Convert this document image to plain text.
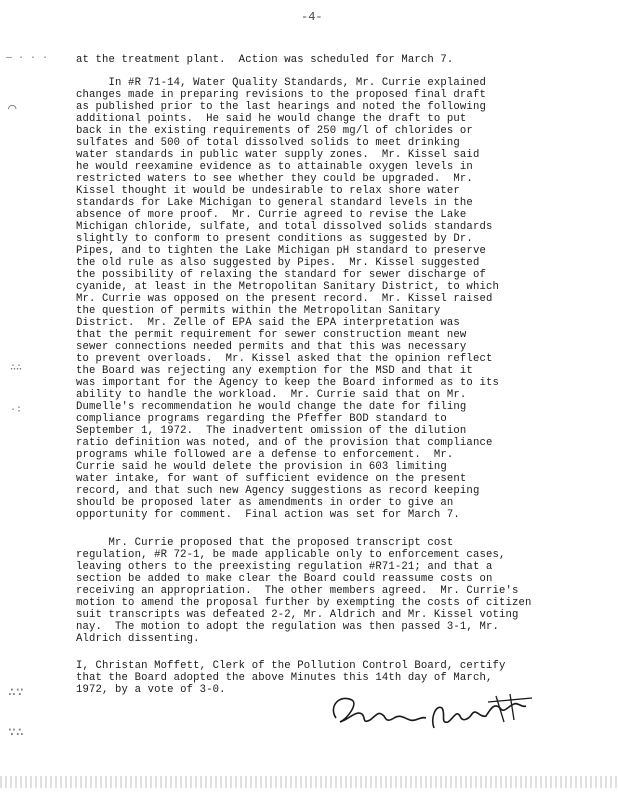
-4-
— · · ·
⌒
∴∴
·∶
∴∵
∵∴
at the treatment plant.  Action was scheduled for March 7.
In #R 71-14, Water Quality Standards, Mr. Currie explained
changes made in preparing revisions to the proposed final draft
as published prior to the last hearings and noted the following
additional points.  He said he would change the draft to put
back in the existing requirements of 250 mg/l of chlorides or
sulfates and 500 of total dissolved solids to meet drinking
water standards in public water supply zones.  Mr. Kissel said
he would reexamine evidence as to attainable oxygen levels in
restricted waters to see whether they could be upgraded.  Mr.
Kissel thought it would be undesirable to relax shore water
standards for Lake Michigan to general standard levels in the
absence of more proof.  Mr. Currie agreed to revise the Lake
Michigan chloride, sulfate, and total dissolved solids standards
slightly to conform to present conditions as suggested by Dr.
Pipes, and to tighten the Lake Michigan pH standard to preserve
the old rule as also suggested by Pipes.  Mr. Kissel suggested
the possibility of relaxing the standard for sewer discharge of
cyanide, at least in the Metropolitan Sanitary District, to which
Mr. Currie was opposed on the present record.  Mr. Kissel raised
the question of permits within the Metropolitan Sanitary
District.  Mr. Zelle of EPA said the EPA interpretation was
that the permit requirement for sewer construction meant new
sewer connections needed permits and that this was necessary
to prevent overloads.  Mr. Kissel asked that the opinion reflect
the Board was rejecting any exemption for the MSD and that it
was important for the Agency to keep the Board informed as to its
ability to handle the workload.  Mr. Currie said that on Mr.
Dumelle's recommendation he would change the date for filing
compliance programs regarding the Pfeffer BOD standard to
September 1, 1972.  The inadvertent omission of the dilution
ratio definition was noted, and of the provision that compliance
programs while followed are a defense to enforcement.  Mr.
Currie said he would delete the provision in 603 limiting
water intake, for want of sufficient evidence on the present
record, and that such new Agency suggestions as record keeping
should be proposed later as amendments in order to give an
opportunity for comment.  Final action was set for March 7.
Mr. Currie proposed that the proposed transcript cost
regulation, #R 72-1, be made applicable only to enforcement cases,
leaving others to the preexisting regulation #R71-21; and that a
section be added to make clear the Board could reassume costs on
receiving an appropriation.  The other members agreed.  Mr. Currie's
motion to amend the proposal further by exempting the costs of citizen
suit transcripts was defeated 2-2, Mr. Aldrich and Mr. Kissel voting
nay.  The motion to adopt the regulation was then passed 3-1, Mr.
Aldrich dissenting.
I, Christan Moffett, Clerk of the Pollution Control Board, certify
that the Board adopted the above Minutes this 14th day of March,
1972, by a vote of 3-0.
